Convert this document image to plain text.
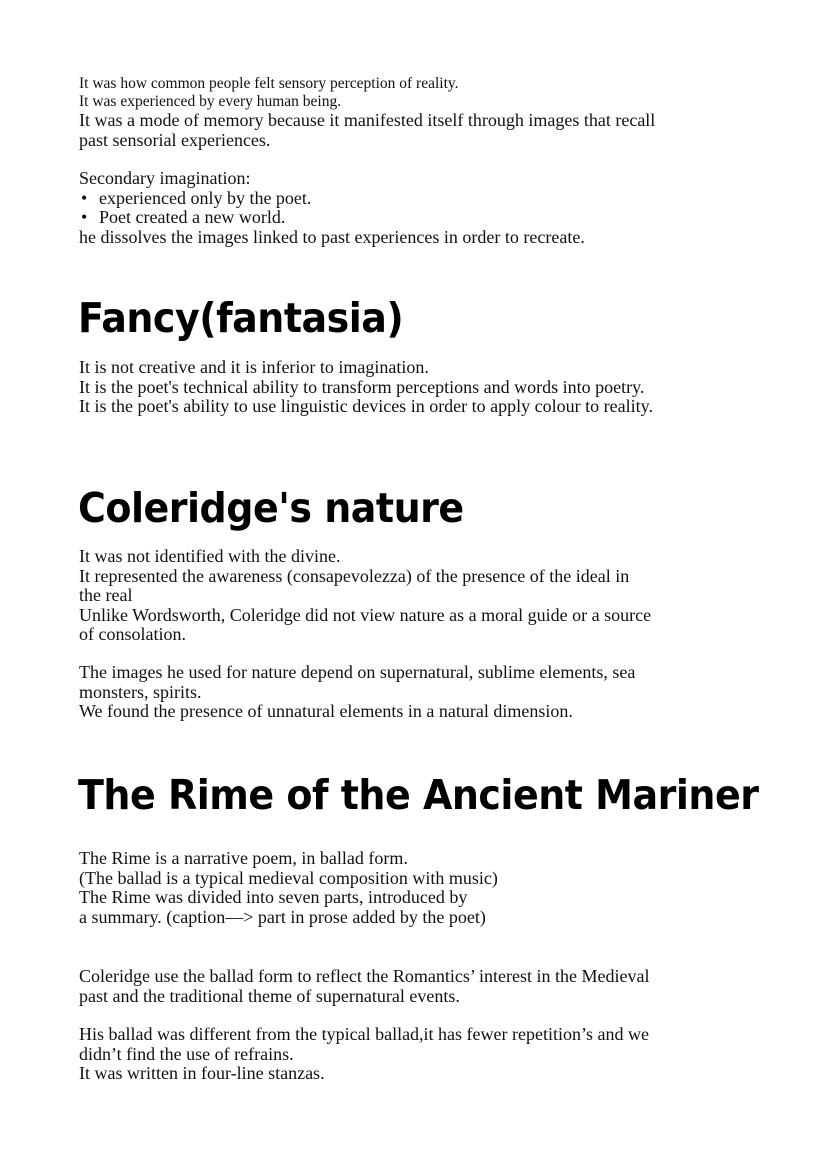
It was how common people felt sensory perception of reality.
It was experienced by every human being.
It was a mode of memory because it manifested itself through images that recall
past sensorial experiences.
Secondary imagination:
• experienced only by the poet.
• Poet created a new world.
he dissolves the images linked to past experiences in order to recreate.
Fancy(fantasia)
It is not creative and it is inferior to imagination.
It is the poet's technical ability to transform perceptions and words into poetry.
It is the poet's ability to use linguistic devices in order to apply colour to reality.
Coleridge's nature
It was not identified with the divine.
It represented the awareness (consapevolezza) of the presence of the ideal in
the real
Unlike Wordsworth, Coleridge did not view nature as a moral guide or a source
of consolation.
The images he used for nature depend on supernatural, sublime elements, sea
monsters, spirits.
We found the presence of unnatural elements in a natural dimension.
The Rime of the Ancient Mariner
The Rime is a narrative poem, in ballad form.
(The ballad is a typical medieval composition with music)
The Rime was divided into seven parts, introduced by
a summary. (caption—> part in prose added by the poet)
Coleridge use the ballad form to reflect the Romantics’ interest in the Medieval
past and the traditional theme of supernatural events.
His ballad was different from the typical ballad,it has fewer repetition’s and we
didn’t find the use of refrains.
It was written in four-line stanzas.
